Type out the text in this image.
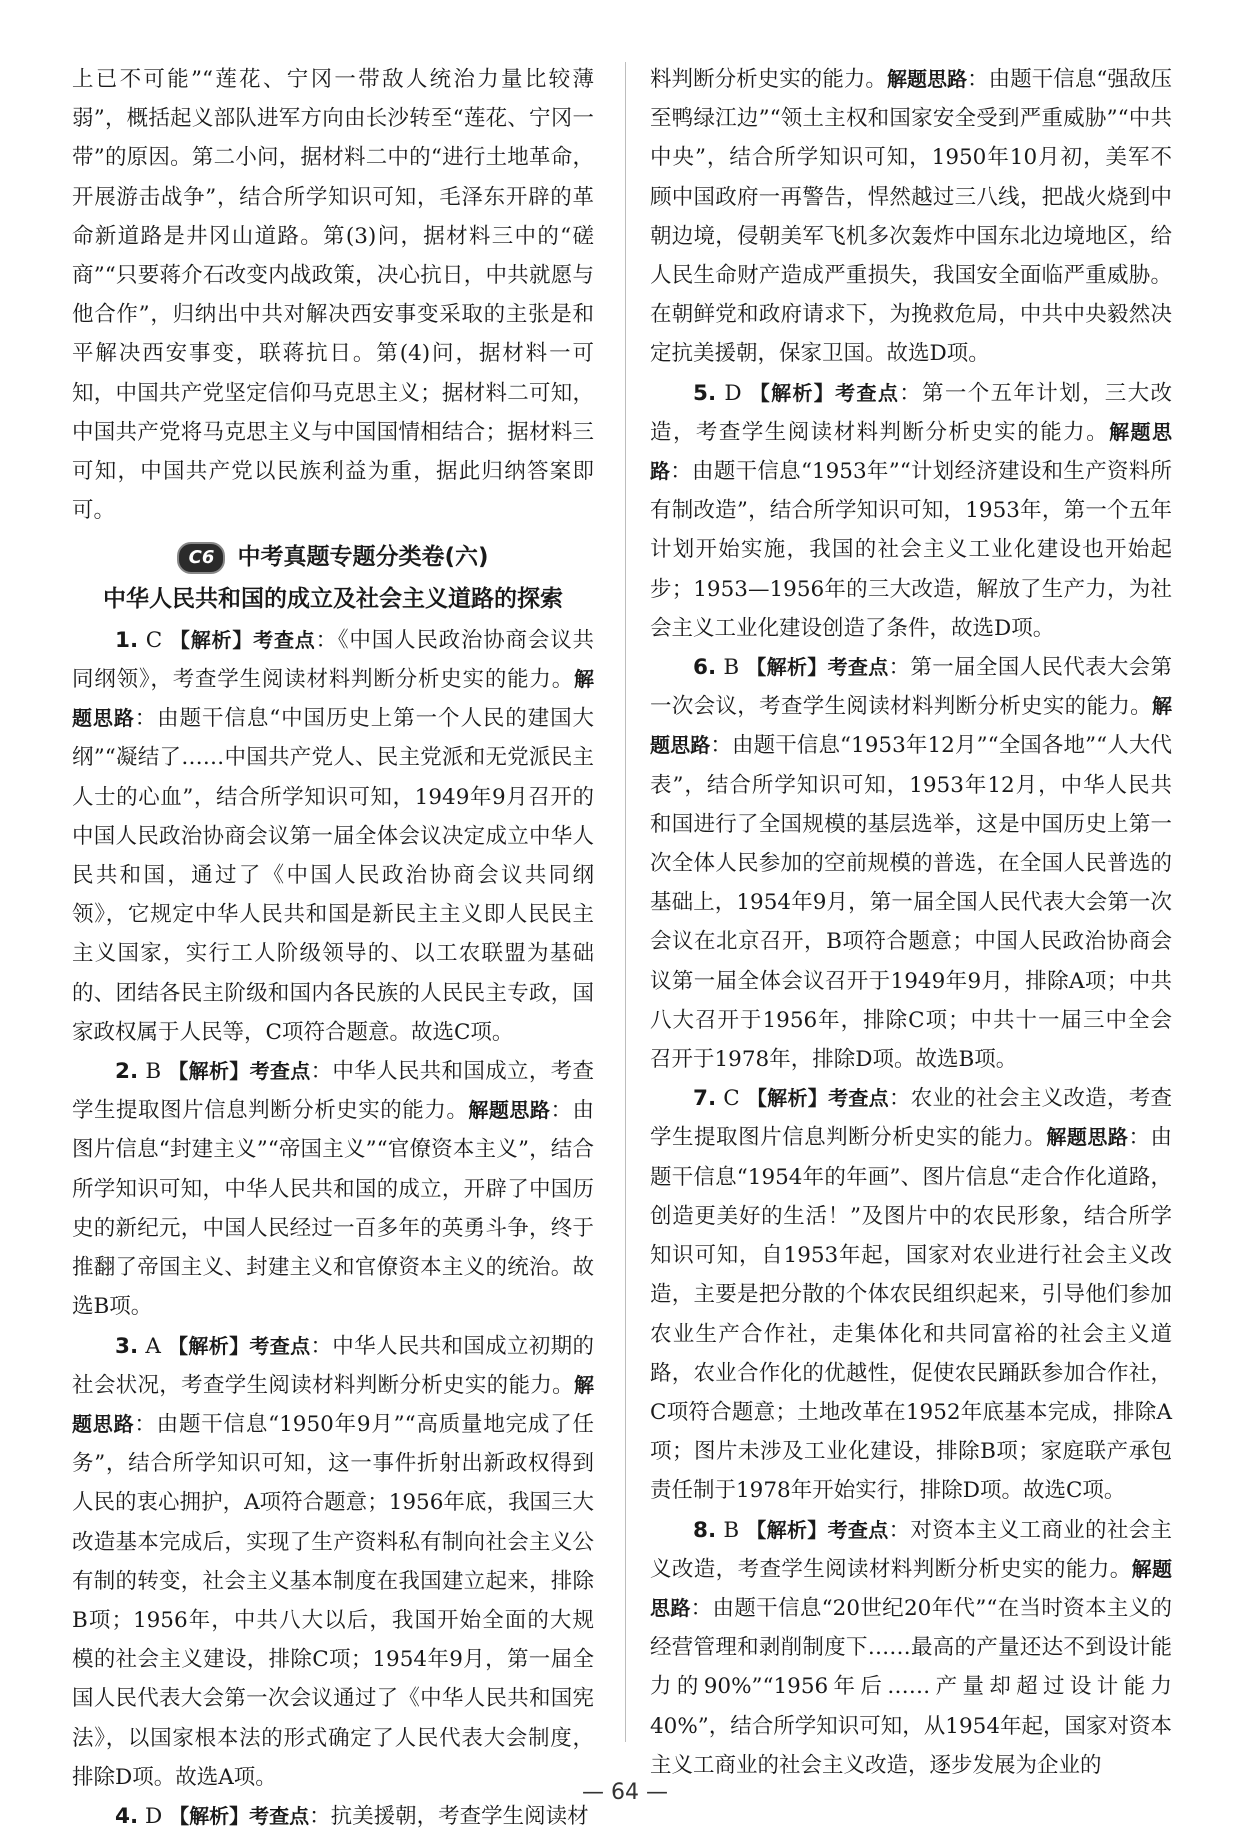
上已不可能”“莲花、宁冈一带敌人统治力量比较薄弱”，概括起义部队进军方向由长沙转至“莲花、宁冈一带”的原因。第二小问，据材料二中的“进行土地革命，开展游击战争”，结合所学知识可知，毛泽东开辟的革命新道路是井冈山道路。第(3)问，据材料三中的“磋商”“只要蒋介石改变内战政策，决心抗日，中共就愿与他合作”，归纳出中共对解决西安事变采取的主张是和平解决西安事变，联蒋抗日。第(4)问，据材料一可知，中国共产党坚定信仰马克思主义；据材料二可知，中国共产党将马克思主义与中国国情相结合；据材料三可知，中国共产党以民族利益为重，据此归纳答案即可。

C6	中考真题专题分类卷(六)
中华人民共和国的成立及社会主义道路的探索

1. C 【解析】考查点：《中国人民政治协商会议共同纲领》，考查学生阅读材料判断分析史实的能力。解题思路：由题干信息“中国历史上第一个人民的建国大纲”“凝结了……中国共产党人、民主党派和无党派民主人士的心血”，结合所学知识可知，1949年9月召开的中国人民政治协商会议第一届全体会议决定成立中华人民共和国，通过了《中国人民政治协商会议共同纲领》，它规定中华人民共和国是新民主主义即人民民主主义国家，实行工人阶级领导的、以工农联盟为基础的、团结各民主阶级和国内各民族的人民民主专政，国家政权属于人民等，C项符合题意。故选C项。

2. B 【解析】考查点：中华人民共和国成立，考查学生提取图片信息判断分析史实的能力。解题思路：由图片信息“封建主义”“帝国主义”“官僚资本主义”，结合所学知识可知，中华人民共和国的成立，开辟了中国历史的新纪元，中国人民经过一百多年的英勇斗争，终于推翻了帝国主义、封建主义和官僚资本主义的统治。故选B项。

3. A 【解析】考查点：中华人民共和国成立初期的社会状况，考查学生阅读材料判断分析史实的能力。解题思路：由题干信息“1950年9月”“高质量地完成了任务”，结合所学知识可知，这一事件折射出新政权得到人民的衷心拥护，A项符合题意；1956年底，我国三大改造基本完成后，实现了生产资料私有制向社会主义公有制的转变，社会主义基本制度在我国建立起来，排除B项；1956年，中共八大以后，我国开始全面的大规模的社会主义建设，排除C项；1954年9月，第一届全国人民代表大会第一次会议通过了《中华人民共和国宪法》，以国家根本法的形式确定了人民代表大会制度，排除D项。故选A项。

4. D 【解析】考查点：抗美援朝，考查学生阅读材

料判断分析史实的能力。解题思路：由题干信息“强敌压至鸭绿江边”“领土主权和国家安全受到严重威胁”“中共中央”，结合所学知识可知，1950年10月初，美军不顾中国政府一再警告，悍然越过三八线，把战火烧到中朝边境，侵朝美军飞机多次轰炸中国东北边境地区，给人民生命财产造成严重损失，我国安全面临严重威胁。在朝鲜党和政府请求下，为挽救危局，中共中央毅然决定抗美援朝，保家卫国。故选D项。

5. D 【解析】考查点：第一个五年计划，三大改造，考查学生阅读材料判断分析史实的能力。解题思路：由题干信息“1953年”“计划经济建设和生产资料所有制改造”，结合所学知识可知，1953年，第一个五年计划开始实施，我国的社会主义工业化建设也开始起步；1953—1956年的三大改造，解放了生产力，为社会主义工业化建设创造了条件，故选D项。

6. B 【解析】考查点：第一届全国人民代表大会第一次会议，考查学生阅读材料判断分析史实的能力。解题思路：由题干信息“1953年12月”“全国各地”“人大代表”，结合所学知识可知，1953年12月，中华人民共和国进行了全国规模的基层选举，这是中国历史上第一次全体人民参加的空前规模的普选，在全国人民普选的基础上，1954年9月，第一届全国人民代表大会第一次会议在北京召开，B项符合题意；中国人民政治协商会议第一届全体会议召开于1949年9月，排除A项；中共八大召开于1956年，排除C项；中共十一届三中全会召开于1978年，排除D项。故选B项。

7. C 【解析】考查点：农业的社会主义改造，考查学生提取图片信息判断分析史实的能力。解题思路：由题干信息“1954年的年画”、图片信息“走合作化道路，创造更美好的生活！”及图片中的农民形象，结合所学知识可知，自1953年起，国家对农业进行社会主义改造，主要是把分散的个体农民组织起来，引导他们参加农业生产合作社，走集体化和共同富裕的社会主义道路，农业合作化的优越性，促使农民踊跃参加合作社，C项符合题意；土地改革在1952年底基本完成，排除A项；图片未涉及工业化建设，排除B项；家庭联产承包责任制于1978年开始实行，排除D项。故选C项。

8. B 【解析】考查点：对资本主义工商业的社会主义改造，考查学生阅读材料判断分析史实的能力。解题思路：由题干信息“20世纪20年代”“在当时资本主义的经营管理和剥削制度下……最高的产量还达不到设计能力的90%”“1956年后……产量却超过设计能力40%”，结合所学知识可知，从1954年起，国家对资本主义工商业的社会主义改造，逐步发展为企业的

— 64 —
